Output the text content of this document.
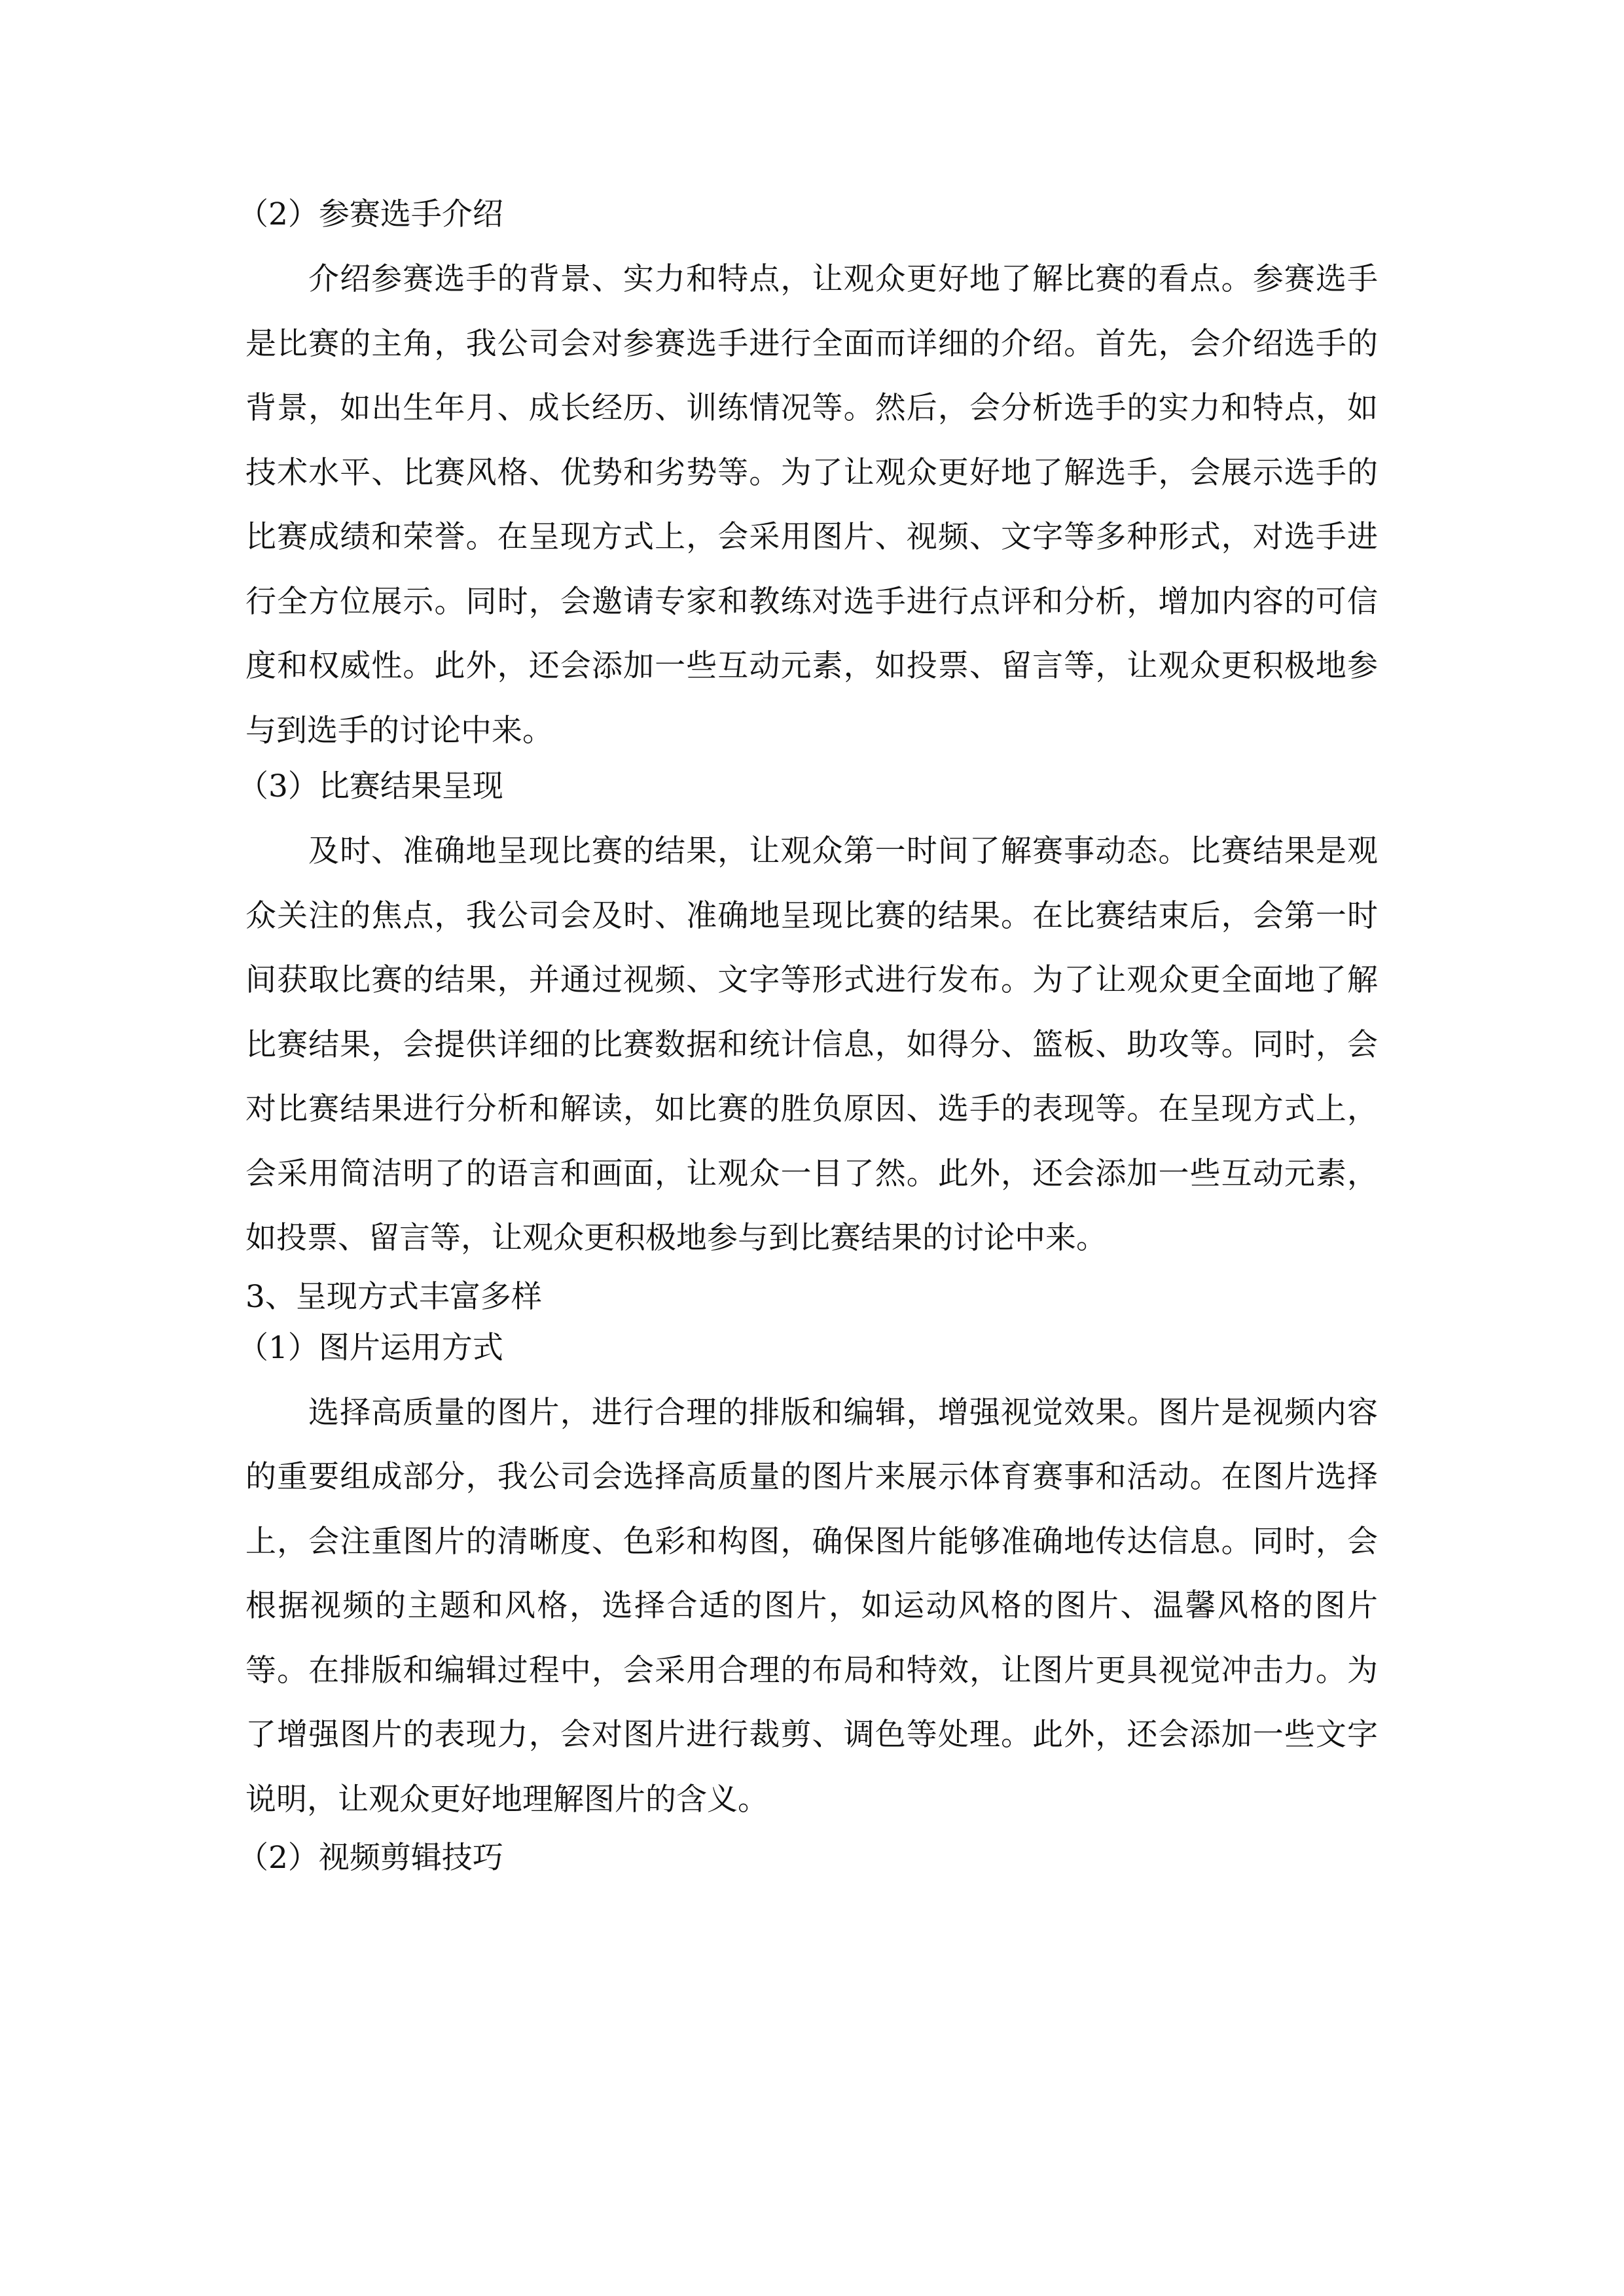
（2）参赛选手介绍

介绍参赛选手的背景、实力和特点，让观众更好地了解比赛的看点。参赛选手是比赛的主角，我公司会对参赛选手进行全面而详细的介绍。首先，会介绍选手的背景，如出生年月、成长经历、训练情况等。然后，会分析选手的实力和特点，如技术水平、比赛风格、优势和劣势等。为了让观众更好地了解选手，会展示选手的比赛成绩和荣誉。在呈现方式上，会采用图片、视频、文字等多种形式，对选手进行全方位展示。同时，会邀请专家和教练对选手进行点评和分析，增加内容的可信度和权威性。此外，还会添加一些互动元素，如投票、留言等，让观众更积极地参与到选手的讨论中来。

（3）比赛结果呈现

及时、准确地呈现比赛的结果，让观众第一时间了解赛事动态。比赛结果是观众关注的焦点，我公司会及时、准确地呈现比赛的结果。在比赛结束后，会第一时间获取比赛的结果，并通过视频、文字等形式进行发布。为了让观众更全面地了解比赛结果，会提供详细的比赛数据和统计信息，如得分、篮板、助攻等。同时，会对比赛结果进行分析和解读，如比赛的胜负原因、选手的表现等。在呈现方式上，会采用简洁明了的语言和画面，让观众一目了然。此外，还会添加一些互动元素，如投票、留言等，让观众更积极地参与到比赛结果的讨论中来。

3、呈现方式丰富多样

（1）图片运用方式

选择高质量的图片，进行合理的排版和编辑，增强视觉效果。图片是视频内容的重要组成部分，我公司会选择高质量的图片来展示体育赛事和活动。在图片选择上，会注重图片的清晰度、色彩和构图，确保图片能够准确地传达信息。同时，会根据视频的主题和风格，选择合适的图片，如运动风格的图片、温馨风格的图片等。在排版和编辑过程中，会采用合理的布局和特效，让图片更具视觉冲击力。为了增强图片的表现力，会对图片进行裁剪、调色等处理。此外，还会添加一些文字说明，让观众更好地理解图片的含义。

（2）视频剪辑技巧
